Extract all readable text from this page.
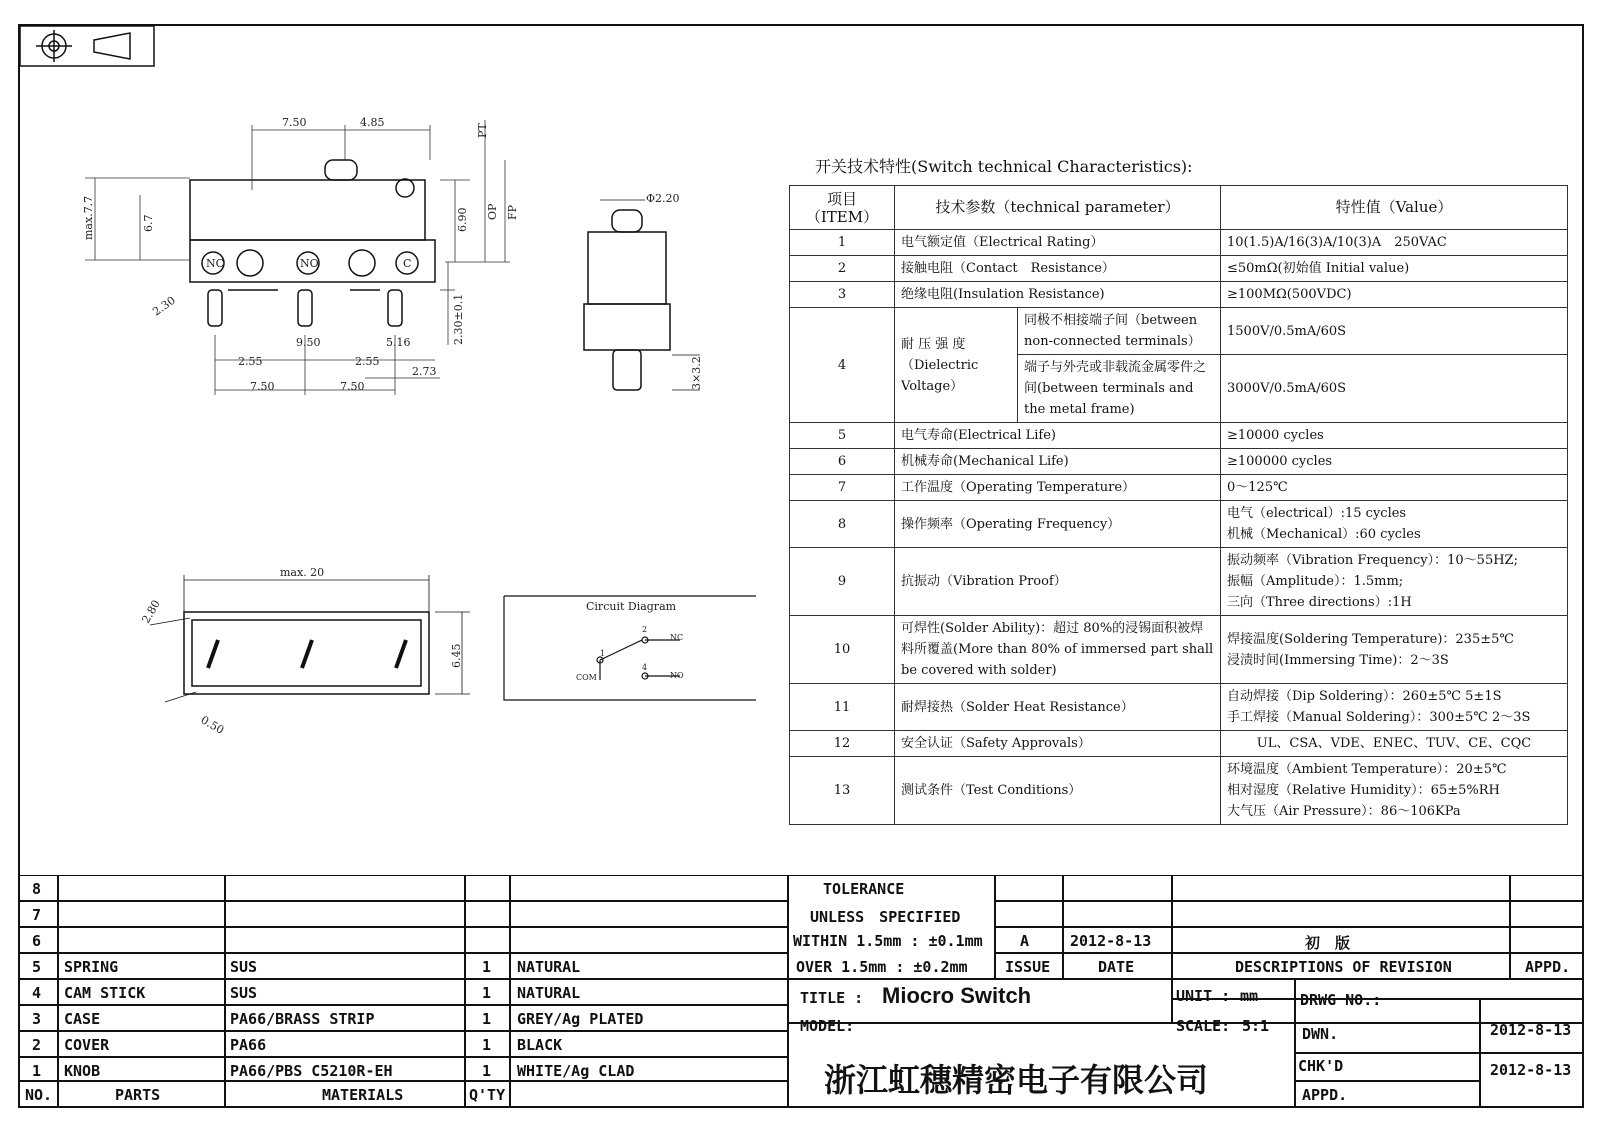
7.50	4.85
PT
max.7.7	6.7	6.90 OP FP
NC	NO	C
2.30	2.30±0.1
9.50	5.16
2.55	2.55
2.73
7.50	7.50
Φ2.20
3×3.2
max. 20
2.80
6.45
0.50
Circuit Diagram
NC
NO
COM
1
2
4
开关技术特性(Switch technical Characteristics):
项目
（ITEM）	技术参数（technical parameter）		特性值（Value）
1	电气额定值（Electrical Rating）		10(1.5)A/16(3)A/10(3)A　250VAC
2	接触电阻（Contact　Resistance）		≤50mΩ(初始值 Initial value)
3	绝缘电阻(Insulation Resistance)		≥100MΩ(500VDC)
4	耐 压 强 度 （Dielectric Voltage）	同极不相接端子间（between non-connected terminals）	1500V/0.5mA/60S
		端子与外壳或非载流金属零件之间(between terminals and the metal frame)	3000V/0.5mA/60S
5	电气寿命(Electrical Life)		≥10000 cycles
6	机械寿命(Mechanical Life)		≥100000 cycles
7	工作温度（Operating Temperature）		0～125℃
8	操作频率（Operating Frequency）		电气（electrical）:15 cycles
机械（Mechanical）:60 cycles

9	抗振动（Vibration Proof）		振动频率（Vibration Frequency）：10～55HZ;
振幅（Amplitude）：1.5mm;
三向（Three directions）:1H

10	可焊性(Solder Ability)：超过 80%的浸锡面积被焊料所覆盖(More than 80% of immersed part shall be covered with solder)		焊接温度(Soldering Temperature)：235±5℃
浸渍时间(Immersing Time)：2～3S

11	耐焊接热（Solder Heat Resistance）		自动焊接（Dip Soldering）：260±5℃ 5±1S
手工焊接（Manual Soldering）：300±5℃ 2～3S

12	安全认证（Safety Approvals）		UL、CSA、VDE、ENEC、TUV、CE、CQC
13	测试条件（Test Conditions）		环境温度（Ambient Temperature）：20±5℃
相对湿度（Relative Humidity）：65±5%RH
大气压（Air Pressure）：86～106KPa
8
7
6
5 SPRING	SUS	1 NATURAL
4 CAM STICK	SUS	1 NATURAL
3 CASE	PA66/BRASS STRIP	1 GREY/Ag PLATED
2 COVER	PA66	1 BLACK
1 KNOB	PA66/PBS C5210R-EH	1 WHITE/Ag CLAD
NO.	PARTS	MATERIALS	Q'TY
TOLERANCE
UNLESS　SPECIFIED
WITHIN 1.5mm : ±0.1mm
OVER 1.5mm : ±0.2mm
A	2012-8-13	初　版
ISSUE	DATE	DESCRIPTIONS OF REVISION	APPD.
TITLE : Miocro Switch	UNIT : mm	DRWG NO.:
MODEL:	SCALE: 5:1 DWN.	2012-8-13
CHK'D	2012-8-13
APPD.
浙江虹穗精密电子有限公司
